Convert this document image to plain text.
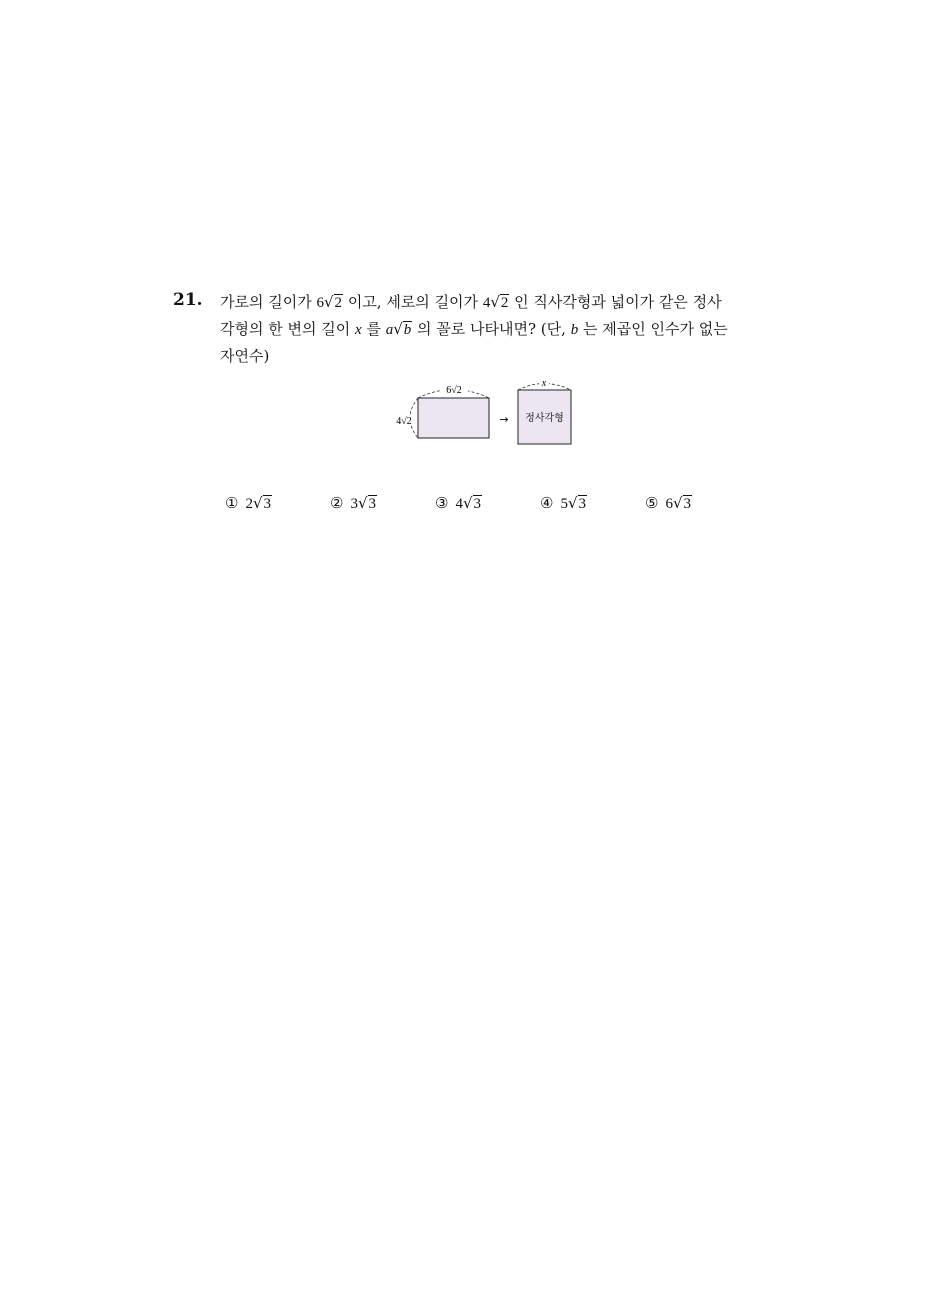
21. 가로의 길이가 6√2 이고, 세로의 길이가 4√2 인 직사각형과 넓이가 같은 정사
각형의 한 변의 길이 x 를 a√b 의 꼴로 나타내면? (단, b 는 제곱인 인수가 없는
자연수)
6√2
4√2	→
x
정사각형
① 2√3	② 3√3	③ 4√3	④ 5√3	⑤ 6√3
